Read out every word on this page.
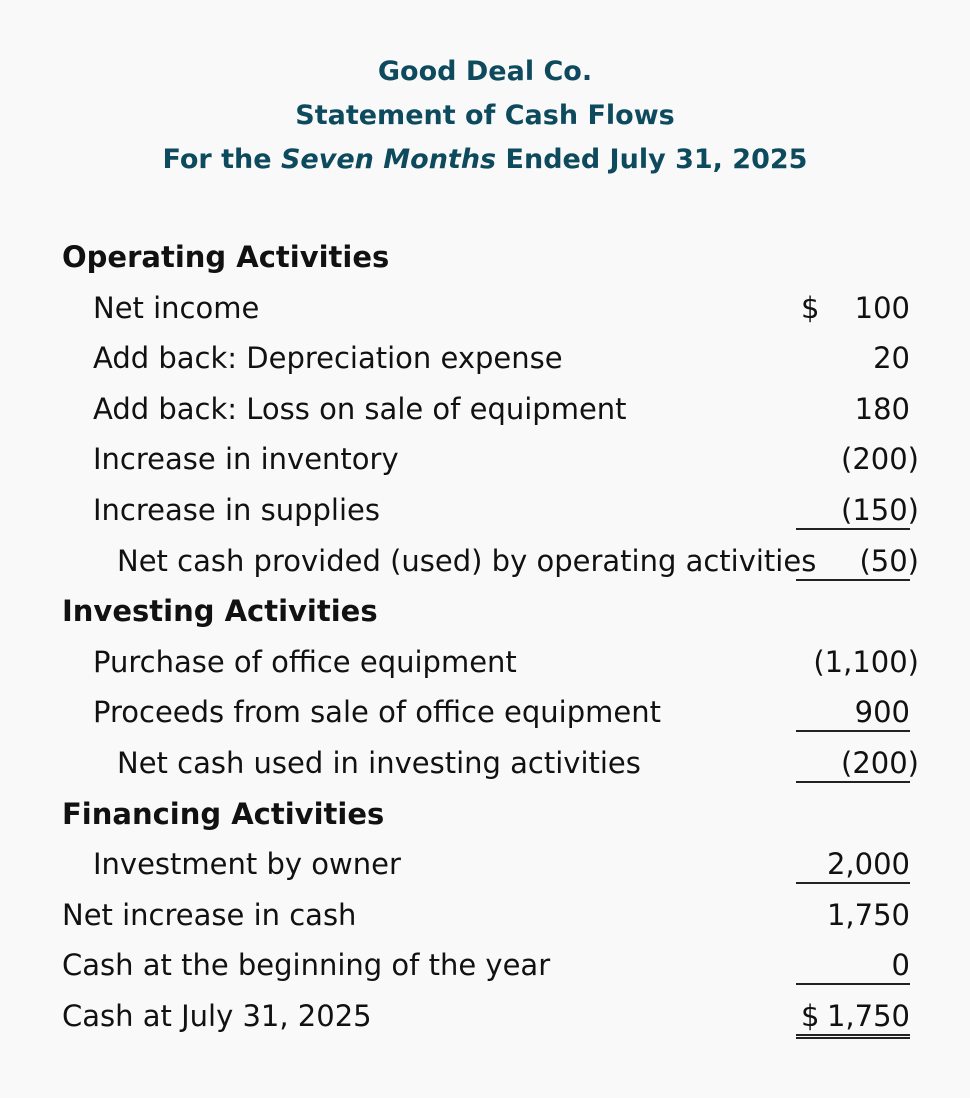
Good Deal Co.
Statement of Cash Flows
For the Seven Months Ended July 31, 2025
Operating Activities
Net income	$ 100
Add back: Depreciation expense	20
Add back: Loss on sale of equipment	180
Increase in inventory	(200)
Increase in supplies	(150)
Net cash provided (used) by operating activities (50)
Investing Activities
Purchase of office equipment	(1,100)
Proceeds from sale of office equipment	900
Net cash used in investing activities	(200)
Financing Activities
Investment by owner	2,000
Net increase in cash	1,750
Cash at the beginning of the year	0
Cash at July 31, 2025	$ 1,750
